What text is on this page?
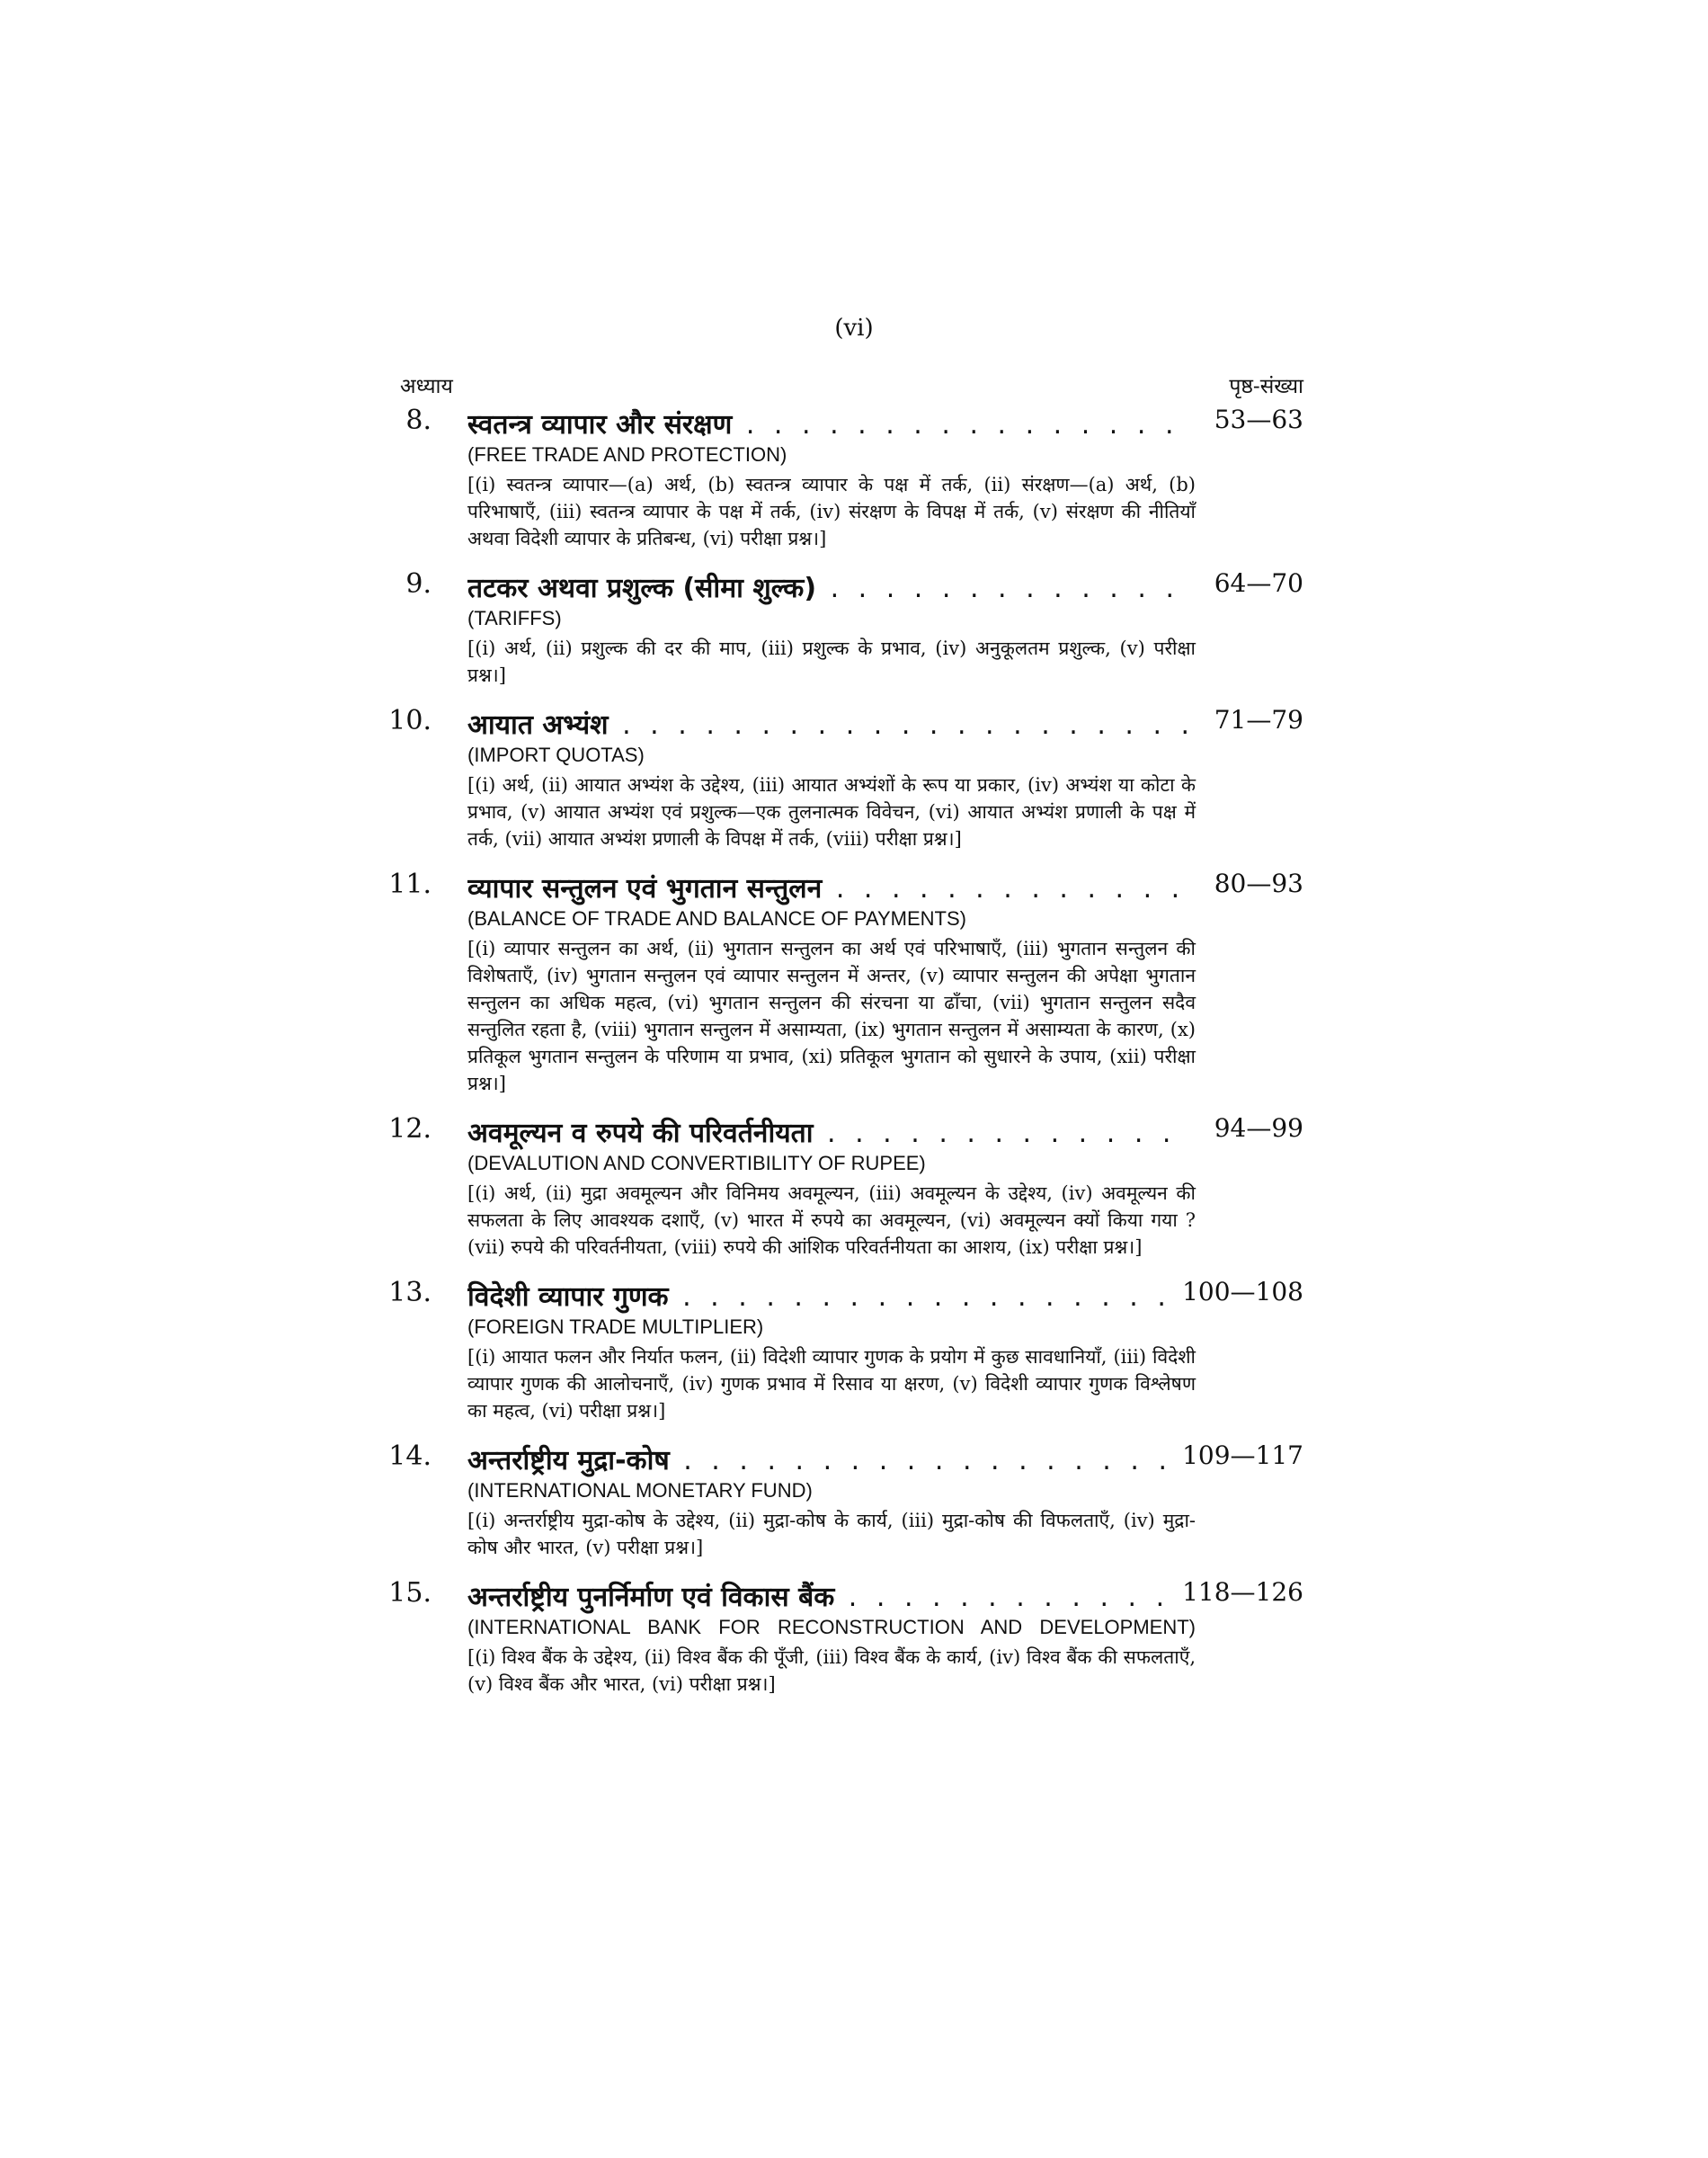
(vi)
अध्याय	पृष्ठ-संख्या
8. स्वतन्त्र व्यापार और संरक्षण . . .	53—63
(FREE TRADE AND PROTECTION)
[(i) स्वतन्त्र व्यापार—(a) अर्थ, (b) स्वतन्त्र व्यापार के पक्ष में तर्क, (ii) संरक्षण—(a) अर्थ, (b) परिभाषाएँ, (iii) स्वतन्त्र व्यापार के पक्ष में तर्क, (iv) संरक्षण के विपक्ष में तर्क, (v) संरक्षण की नीतियाँ अथवा विदेशी व्यापार के प्रतिबन्ध, (vi) परीक्षा प्रश्न।]
9. तटकर अथवा प्रशुल्क (सीमा शुल्क) . . .	64—70
(TARIFFS)
[(i) अर्थ, (ii) प्रशुल्क की दर की माप, (iii) प्रशुल्क के प्रभाव, (iv) अनुकूलतम प्रशुल्क, (v) परीक्षा प्रश्न।]
10. आयात अभ्यंश . . .	71—79
(IMPORT QUOTAS)
[(i) अर्थ, (ii) आयात अभ्यंश के उद्देश्य, (iii) आयात अभ्यंशों के रूप या प्रकार, (iv) अभ्यंश या कोटा के प्रभाव, (v) आयात अभ्यंश एवं प्रशुल्क—एक तुलनात्मक विवेचन, (vi) आयात अभ्यंश प्रणाली के पक्ष में तर्क, (vii) आयात अभ्यंश प्रणाली के विपक्ष में तर्क, (viii) परीक्षा प्रश्न।]
11. व्यापार सन्तुलन एवं भुगतान सन्तुलन . . .	80—93
(BALANCE OF TRADE AND BALANCE OF PAYMENTS)
[(i) व्यापार सन्तुलन का अर्थ, (ii) भुगतान सन्तुलन का अर्थ एवं परिभाषाएँ, (iii) भुगतान सन्तुलन की विशेषताएँ, (iv) भुगतान सन्तुलन एवं व्यापार सन्तुलन में अन्तर, (v) व्यापार सन्तुलन की अपेक्षा भुगतान सन्तुलन का अधिक महत्व, (vi) भुगतान सन्तुलन की संरचना या ढाँचा, (vii) भुगतान सन्तुलन सदैव सन्तुलित रहता है, (viii) भुगतान सन्तुलन में असाम्यता, (ix) भुगतान सन्तुलन में असाम्यता के कारण, (x) प्रतिकूल भुगतान सन्तुलन के परिणाम या प्रभाव, (xi) प्रतिकूल भुगतान को सुधारने के उपाय, (xii) परीक्षा प्रश्न।]
12. अवमूल्यन व रुपये की परिवर्तनीयता . . .	94—99
(DEVALUTION AND CONVERTIBILITY OF RUPEE)
[(i) अर्थ, (ii) मुद्रा अवमूल्यन और विनिमय अवमूल्यन, (iii) अवमूल्यन के उद्देश्य, (iv) अवमूल्यन की सफलता के लिए आवश्यक दशाएँ, (v) भारत में रुपये का अवमूल्यन, (vi) अवमूल्यन क्यों किया गया ? (vii) रुपये की परिवर्तनीयता, (viii) रुपये की आंशिक परिवर्तनीयता का आशय, (ix) परीक्षा प्रश्न।]
13. विदेशी व्यापार गुणक . . .	100—108
(FOREIGN TRADE MULTIPLIER)
[(i) आयात फलन और निर्यात फलन, (ii) विदेशी व्यापार गुणक के प्रयोग में कुछ सावधानियाँ, (iii) विदेशी व्यापार गुणक की आलोचनाएँ, (iv) गुणक प्रभाव में रिसाव या क्षरण, (v) विदेशी व्यापार गुणक विश्लेषण का महत्व, (vi) परीक्षा प्रश्न।]
14. अन्तर्राष्ट्रीय मुद्रा-कोष . . .	109—117
(INTERNATIONAL MONETARY FUND)
[(i) अन्तर्राष्ट्रीय मुद्रा-कोष के उद्देश्य, (ii) मुद्रा-कोष के कार्य, (iii) मुद्रा-कोष की विफलताएँ, (iv) मुद्रा-कोष और भारत, (v) परीक्षा प्रश्न।]
15. अन्तर्राष्ट्रीय पुनर्निर्माण एवं विकास बैंक . . .	118—126
(INTERNATIONAL BANK FOR RECONSTRUCTION AND DEVELOPMENT)
[(i) विश्व बैंक के उद्देश्य, (ii) विश्व बैंक की पूँजी, (iii) विश्व बैंक के कार्य, (iv) विश्व बैंक की सफलताएँ, (v) विश्व बैंक और भारत, (vi) परीक्षा प्रश्न।]
